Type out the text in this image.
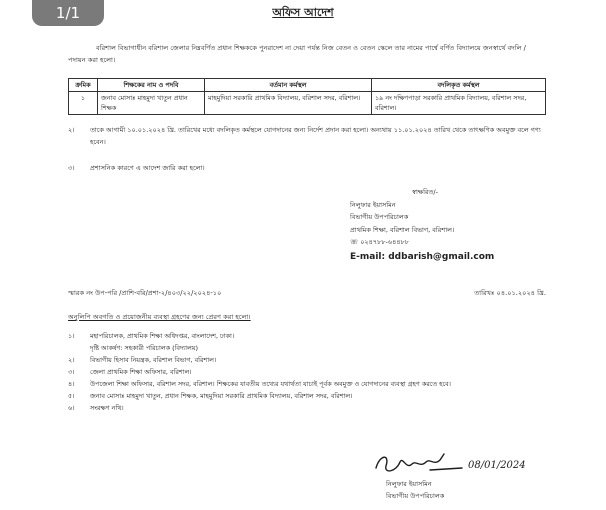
1/1	অফিস আদেশ
বরিশাল বিভাগাধীন বরিশাল জেলার নিম্নবর্ণিত প্রধান শিক্ষককে পুনরাদেশ না দেয়া পর্যন্ত নিজ বেতন ও বেতন স্কেলে তার নামের পার্শ্বে বর্ণিত বিদ্যালয়ে জনস্বার্থে বদলি / পদায়ন করা হলো।
ক্রমিক	শিক্ষকের নাম ও পদবি	বর্তমান কর্মস্থল	বদলিকৃত কর্মস্থল
১	জনাব মোসাঃ মাহমুদা খাতুন প্রধান শিক্ষক	মাহমুদিয়া সরকারি প্রাথমিক বিদ্যালয়, বরিশাল সদর, বরিশাল।	১৯ নং দক্ষিণপাড়া সরকারি প্রাথমিক বিদ্যালয়, বরিশাল সদর, বরিশাল।
২।	তাকে আগামী ১০.০১.২০২৪ খ্রি. তারিখের মধ্যে বদলিকৃত কর্মস্থলে যোগদানের জন্য নির্দেশ প্রদান করা হলো। অন্যথায় ১১.০১.২০২৪ তারিখ থেকে তাৎক্ষণিক অবমুক্ত বলে গণ্য হবেন।
৩।	প্রশাসনিক কারণে এ আদেশ জারি করা হলো।
স্বাক্ষরিত/-
নিলুফার ইয়াসমিন
বিভাগীয় উপপরিচালক
প্রাথমিক শিক্ষা, বরিশাল বিভাগ, বরিশাল।
☏ ০২৪৭৮৮-৬৪৪৮৮
E-mail: ddbarish@gmail.com
স্মারক নং উপ-পরি /প্রাশি-বরি/প্রশা-২/৪০৩/২২/২০২৪-১০	তারিখঃ ০৪.০১.২০২৪ খ্রি.
অনুলিপি অবগতি ও প্রয়োজনীয় ব্যবস্থা গ্রহণের জন্য প্রেরণ করা হলো।
১।	মহাপরিচালক, প্রাথমিক শিক্ষা অধিদপ্তর, বাংলাদেশ, ঢাকা।
দৃষ্টি আকর্ষণ: সহকারী পরিচালক (বিদ্যালয়)
২।	বিভাগীয় হিসাব নিয়ন্ত্রক, বরিশাল বিভাগ, বরিশাল।
৩।	জেলা প্রাথমিক শিক্ষা অফিসার, বরিশাল।
৪।	উপজেলা শিক্ষা অফিসার, বরিশাল সদর, বরিশাল। শিক্ষকের যাবতীয় তথ্যের যথার্থতা যাচাই পূর্বক অবমুক্ত ও যোগদানের ব্যবস্থা গ্রহণ করতে হবে।
৫।	জনাব মোসাঃ মাহমুদা খাতুন, প্রধান শিক্ষক, মাহমুদিয়া সরকারি প্রাথমিক বিদ্যালয়, বরিশাল সদর, বরিশাল।
৬।	সংরক্ষণ নথি।
08/01/2024
নিলুফার ইয়াসমিন
বিভাগীয় উপপরিচালক
